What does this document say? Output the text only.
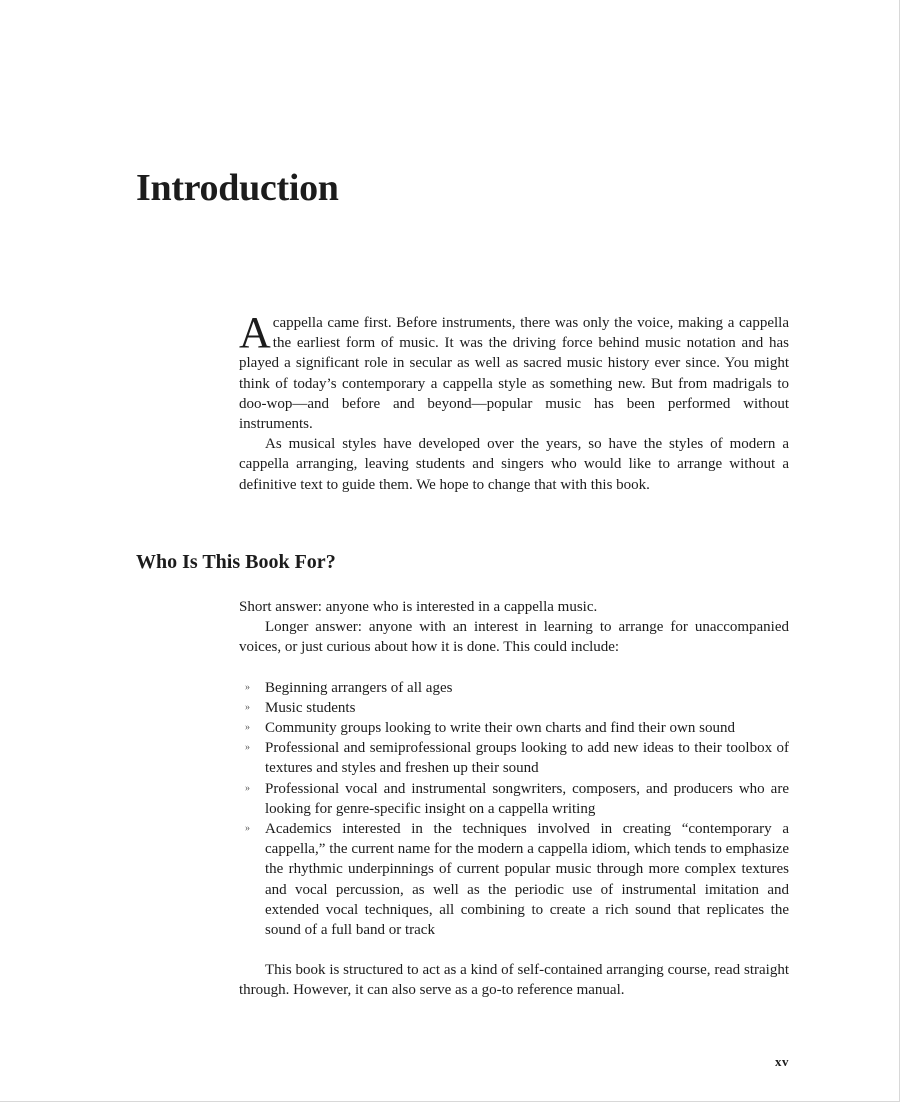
Introduction

Acappella came first. Before instruments, there was only the voice, making a cappella the earliest form of music. It was the driving force behind music notation and has played a significant role in secular as well as sacred music history ever since. You might think of today’s contemporary a cappella style as something new. But from madrigals to doo-wop—and before and beyond—popular music has been performed without instruments.

As musical styles have developed over the years, so have the styles of modern a cappella arranging, leaving students and singers who would like to arrange without a definitive text to guide them. We hope to change that with this book.

Who Is This Book For?

Short answer: anyone who is interested in a cappella music.

Longer answer: anyone with an interest in learning to arrange for unaccompanied voices, or just curious about how it is done. This could include:

» Beginning arrangers of all ages
» Music students
» Community groups looking to write their own charts and find their own sound
» Professional and semiprofessional groups looking to add new ideas to their toolbox of textures and styles and freshen up their sound
» Professional vocal and instrumental songwriters, composers, and producers who are looking for genre-specific insight on a cappella writing
» Academics interested in the techniques involved in creating “contemporary a cappella,” the current name for the modern a cappella idiom, which tends to emphasize the rhythmic underpinnings of current popular music through more complex textures and vocal percussion, as well as the periodic use of instrumental imitation and extended vocal techniques, all combining to create a rich sound that replicates the sound of a full band or track

This book is structured to act as a kind of self-contained arranging course, read straight through. However, it can also serve as a go-to reference manual.

xv
